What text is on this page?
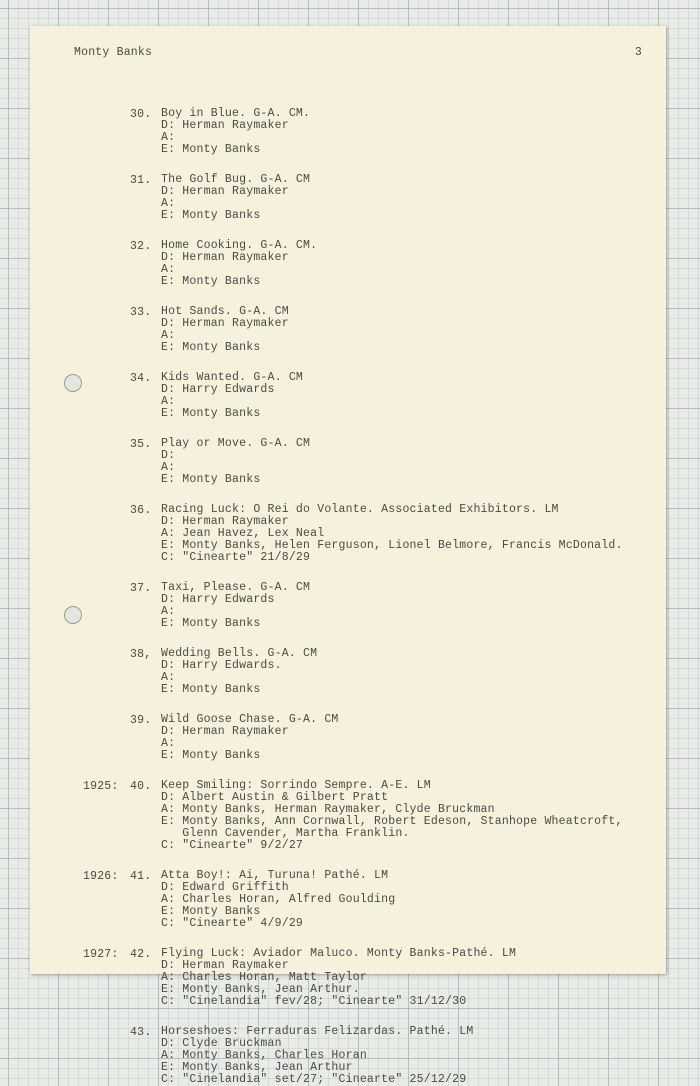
Monty Banks	3
30. Boy in Blue. G-A. CM.
D: Herman Raymaker
A:
E: Monty Banks
31. The Golf Bug. G-A. CM
D: Herman Raymaker
A:
E: Monty Banks
32. Home Cooking. G-A. CM.
D: Herman Raymaker
A:
E: Monty Banks
33. Hot Sands. G-A. CM
D: Herman Raymaker
A:
E: Monty Banks
34. Kids Wanted. G-A. CM
D: Harry Edwards
A:
E: Monty Banks
35. Play or Move. G-A. CM
D:
A:
E: Monty Banks
36. Racing Luck: O Rei do Volante. Associated Exhibitors. LM
D: Herman Raymaker
A: Jean Havez, Lex Neal
E: Monty Banks, Helen Ferguson, Lionel Belmore, Francis McDonald.
C: "Cinearte" 21/8/29
37. Taxi, Please. G-A. CM
D: Harry Edwards
A:
E: Monty Banks
38, Wedding Bells. G-A. CM
D: Harry Edwards.
A:
E: Monty Banks
39. Wild Goose Chase. G-A. CM
D: Herman Raymaker
A:
E: Monty Banks
1925: 40. Keep Smiling: Sorrindo Sempre. A-E. LM
D: Albert Austin & Gilbert Pratt
A: Monty Banks, Herman Raymaker, Clyde Bruckman
E: Monty Banks, Ann Cornwall, Robert Edeson, Stanhope Wheatcroft,
Glenn Cavender, Martha Franklin.
C: "Cinearte" 9/2/27
1926: 41. Atta Boy!: Ai, Turuna! Pathé. LM
D: Edward Griffith
A: Charles Horan, Alfred Goulding
E: Monty Banks
C: "Cinearte" 4/9/29
1927: 42. Flying Luck: Aviador Maluco. Monty Banks-Pathé. LM
D: Herman Raymaker
A: Charles Horan, Matt Taylor
E: Monty Banks, Jean Arthur.
C: "Cinelandia" fev/28; "Cinearte" 31/12/30
43. Horseshoes: Ferraduras Felizardas. Pathé. LM
D: Clyde Bruckman
A: Monty Banks, Charles Horan
E: Monty Banks, Jean Arthur
C: "Cinelandia" set/27; "Cinearte" 25/12/29
